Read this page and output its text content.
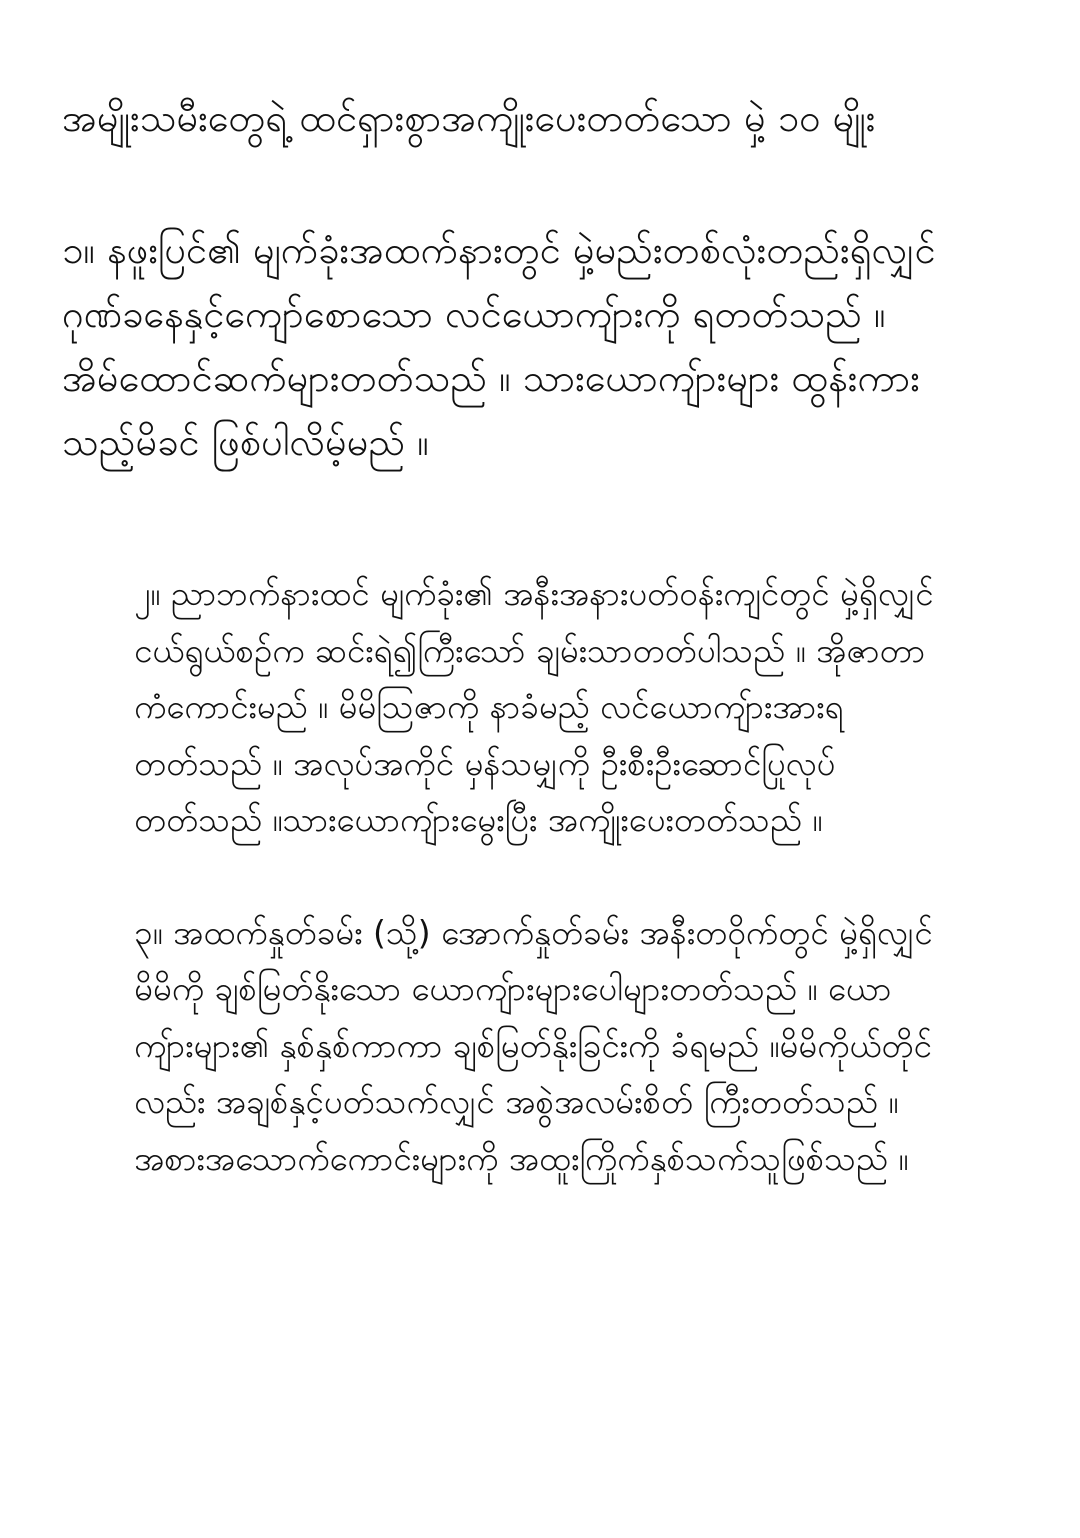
အမျိုးသမီးတွေရဲ့ ထင်ရှားစွာအကျိုးပေးတတ်သော မှဲ့ ၁၀ မျိုး

၁။ နဖူးပြင်၏ မျက်ခုံးအထက်နားတွင် မှဲ့မည်းတစ်လုံးတည်းရှိလျှင် ဂုဏ်ခနေနှင့်ကျော်စောသော လင်ယောကျ်ားကို ရတတ်သည် ။ အိမ်ထောင်ဆက်များတတ်သည် ။ သားယောကျ်ားများ ထွန်းကားသည့်မိခင် ဖြစ်ပါလိမ့်မည် ။

၂။ ညာဘက်နားထင် မျက်ခုံး၏ အနီးအနားပတ်ဝန်းကျင်တွင် မှဲ့ရှိလျှင် ငယ်ရွယ်စဥ်က ဆင်းရဲ၍ကြီးသော် ချမ်းသာတတ်ပါသည် ။ အိုဇာတာ ကံကောင်းမည် ။ မိမိဩဇာကို နာခံမည့် လင်ယောကျ်ားအားရတတ်သည် ။ အလုပ်အကိုင် မှန်သမျှကို ဦးစီးဦးဆောင်ပြုလုပ်တတ်သည် ။သားယောကျ်ားမွေးပြီး အကျိုးပေးတတ်သည် ။

၃။ အထက်နှုတ်ခမ်း (သို့) အောက်နှုတ်ခမ်း အနီးတဝိုက်တွင် မှဲ့ရှိလျှင် မိမိကို ချစ်မြတ်နိုးသော ယောကျ်ားများပေါများတတ်သည် ။ ယောကျ်ားများ၏ နှစ်နှစ်ကာကာ ချစ်မြတ်နိုးခြင်းကို ခံရမည် ။မိမိကိုယ်တိုင်လည်း အချစ်နှင့်ပတ်သက်လျှင် အစွဲအလမ်းစိတ် ကြီးတတ်သည် ။ အစားအသောက်ကောင်းများကို အထူးကြိုက်နှစ်သက်သူဖြစ်သည် ။
